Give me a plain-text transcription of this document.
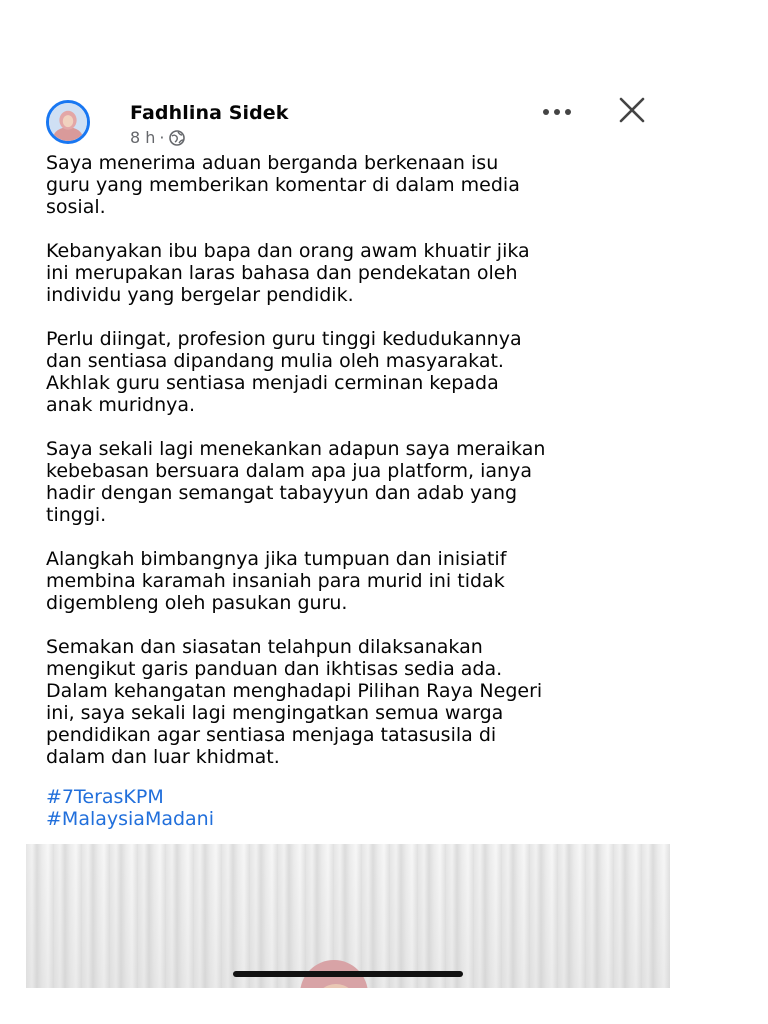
Fadhlina Sidek
8 h ·

Saya menerima aduan berganda berkenaan isu
guru yang memberikan komentar di dalam media
sosial.

Kebanyakan ibu bapa dan orang awam khuatir jika
ini merupakan laras bahasa dan pendekatan oleh
individu yang bergelar pendidik.

Perlu diingat, profesion guru tinggi kedudukannya
dan sentiasa dipandang mulia oleh masyarakat.
Akhlak guru sentiasa menjadi cerminan kepada
anak muridnya.

Saya sekali lagi menekankan adapun saya meraikan
kebebasan bersuara dalam apa jua platform, ianya
hadir dengan semangat tabayyun dan adab yang
tinggi.

Alangkah bimbangnya jika tumpuan dan inisiatif
membina karamah insaniah para murid ini tidak
digembleng oleh pasukan guru.

Semakan dan siasatan telahpun dilaksanakan
mengikut garis panduan dan ikhtisas sedia ada.
Dalam kehangatan menghadapi Pilihan Raya Negeri
ini, saya sekali lagi mengingatkan semua warga
pendidikan agar sentiasa menjaga tatasusila di
dalam dan luar khidmat.

#7TerasKPM
#MalaysiaMadani
